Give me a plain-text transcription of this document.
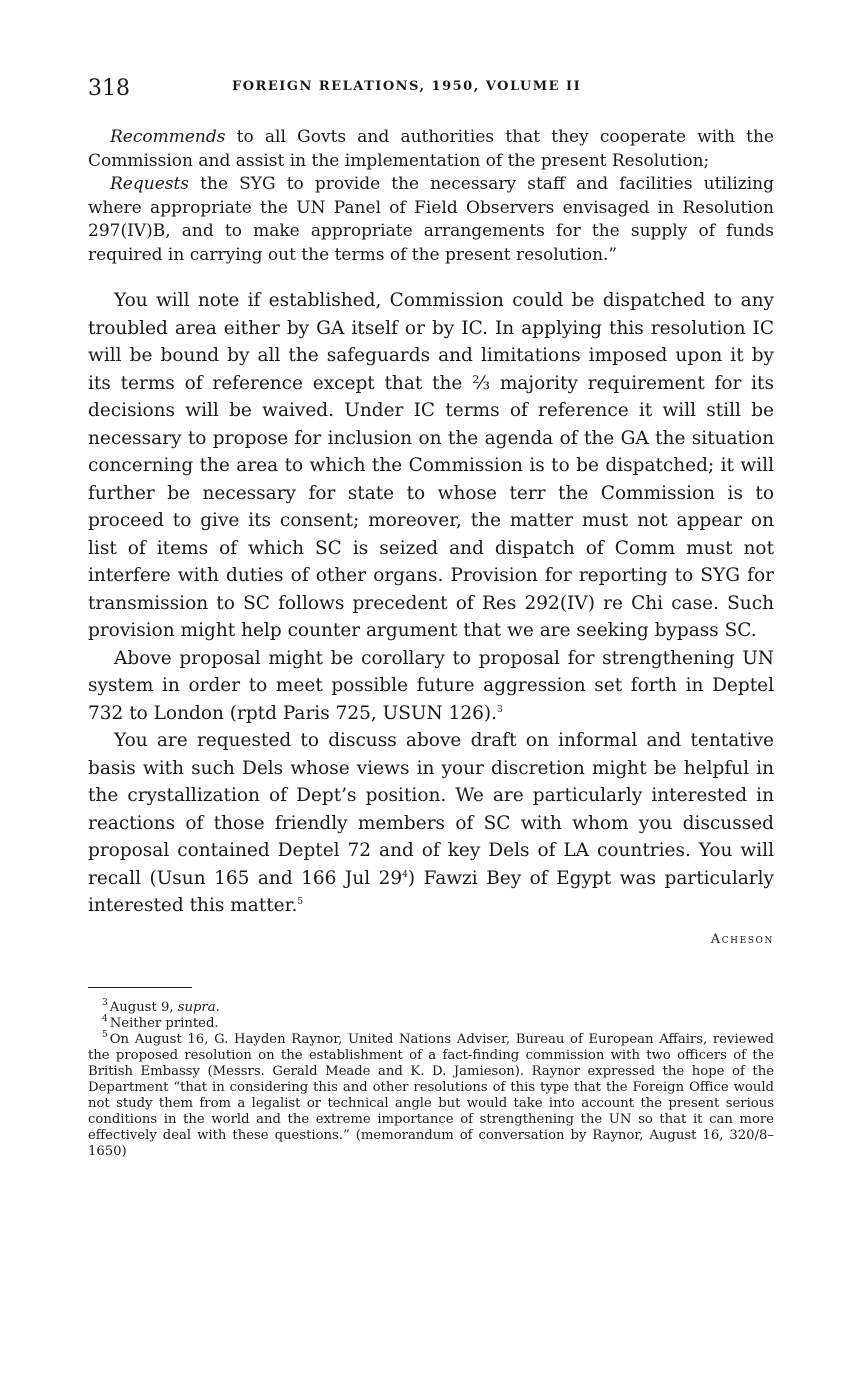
318	FOREIGN RELATIONS, 1950, VOLUME II

Recommends to all Govts and authorities that they cooperate with the Commission and assist in the implementation of the present Resolution;

Requests the SYG to provide the necessary staff and facilities utilizing where appropriate the UN Panel of Field Observers envisaged in Resolution 297(IV)B, and to make appropriate arrangements for the supply of funds required in carrying out the terms of the present resolution.”

You will note if established, Commission could be dispatched to any troubled area either by GA itself or by IC. In applying this resolution IC will be bound by all the safeguards and limitations imposed upon it by its terms of reference except that the ⅔ majority requirement for its decisions will be waived. Under IC terms of reference it will still be necessary to propose for inclusion on the agenda of the GA the situation concerning the area to which the Commission is to be dispatched; it will further be necessary for state to whose terr the Commission is to proceed to give its consent; moreover, the matter must not appear on list of items of which SC is seized and dispatch of Comm must not interfere with duties of other organs. Provision for reporting to SYG for transmission to SC follows precedent of Res 292(IV) re Chi case. Such provision might help counter argument that we are seeking bypass SC.

Above proposal might be corollary to proposal for strengthening UN system in order to meet possible future aggression set forth in Deptel 732 to London (rptd Paris 725, USUN 126).$^3$

You are requested to discuss above draft on informal and tentative basis with such Dels whose views in your discretion might be helpful in the crystallization of Dept’s position. We are particularly interested in reactions of those friendly members of SC with whom you discussed proposal contained Deptel 72 and of key Dels of LA countries. You will recall (Usun 165 and 166 Jul $29^4$) Fawzi Bey of Egypt was particularly interested this matter.$^5$

Acheson

$^3$ August 9, supra.

$^4$ Neither printed.

$^5$ On August 16, G. Hayden Raynor, United Nations Adviser, Bureau of European Affairs, reviewed the proposed resolution on the establishment of a fact-finding commission with two officers of the British Embassy (Messrs. Gerald Meade and K. D. Jamieson). Raynor expressed the hope of the Department “that in considering this and other resolutions of this type that the Foreign Office would not study them from a legalist or technical angle but would take into account the present serious conditions in the world and the extreme importance of strengthening the UN so that it can more effectively deal with these questions.” (memorandum of conversation by Raynor, August 16, 320/8–1650)
